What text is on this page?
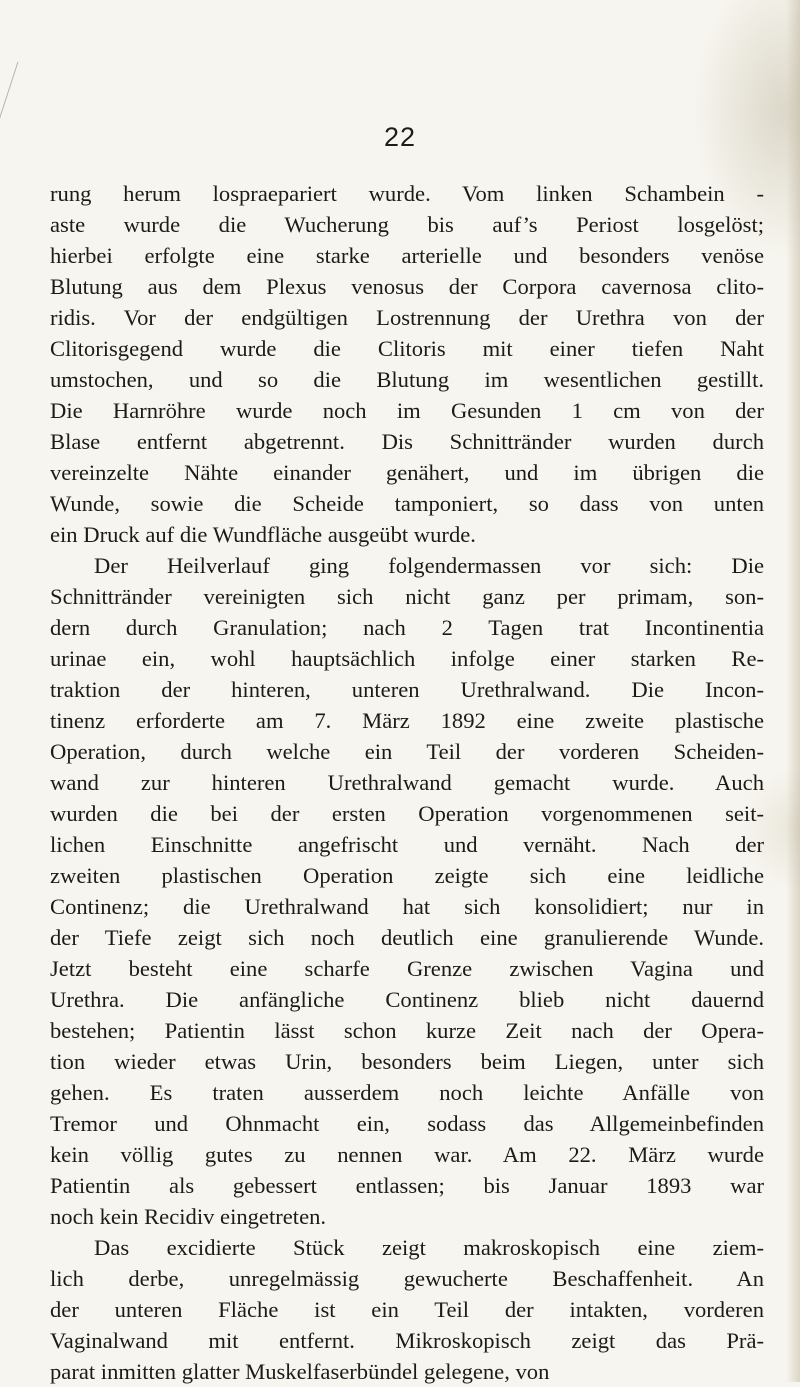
22
rung herum lospraepariert wurde. Vom linken Schambein -
aste wurde die Wucherung bis auf’s Periost losgelöst;
hierbei erfolgte eine starke arterielle und besonders venöse
Blutung aus dem Plexus venosus der Corpora cavernosa clito-
ridis. Vor der endgültigen Lostrennung der Urethra von der
Clitorisgegend wurde die Clitoris mit einer tiefen Naht
umstochen, und so die Blutung im wesentlichen gestillt.
Die Harnröhre wurde noch im Gesunden 1 cm von der
Blase entfernt abgetrennt. Dis Schnittränder wurden durch
vereinzelte Nähte einander genähert, und im übrigen die
Wunde, sowie die Scheide tamponiert, so dass von unten
ein Druck auf die Wundfläche ausgeübt wurde.
Der Heilverlauf ging folgendermassen vor sich: Die
Schnittränder vereinigten sich nicht ganz per primam, son-
dern durch Granulation; nach 2 Tagen trat Incontinentia
urinae ein, wohl hauptsächlich infolge einer starken Re-
traktion der hinteren, unteren Urethralwand. Die Incon-
tinenz erforderte am 7. März 1892 eine zweite plastische
Operation, durch welche ein Teil der vorderen Scheiden-
wand zur hinteren Urethralwand gemacht wurde. Auch
wurden die bei der ersten Operation vorgenommenen seit-
lichen Einschnitte angefrischt und vernäht. Nach der
zweiten plastischen Operation zeigte sich eine leidliche
Continenz; die Urethralwand hat sich konsolidiert; nur in
der Tiefe zeigt sich noch deutlich eine granulierende Wunde.
Jetzt besteht eine scharfe Grenze zwischen Vagina und
Urethra. Die anfängliche Continenz blieb nicht dauernd
bestehen; Patientin lässt schon kurze Zeit nach der Opera-
tion wieder etwas Urin, besonders beim Liegen, unter sich
gehen. Es traten ausserdem noch leichte Anfälle von
Tremor und Ohnmacht ein, sodass das Allgemeinbefinden
kein völlig gutes zu nennen war. Am 22. März wurde
Patientin als gebessert entlassen; bis Januar 1893 war
noch kein Recidiv eingetreten.
Das excidierte Stück zeigt makroskopisch eine ziem-
lich derbe, unregelmässig gewucherte Beschaffenheit. An
der unteren Fläche ist ein Teil der intakten, vorderen
Vaginalwand mit entfernt. Mikroskopisch zeigt das Prä-
parat inmitten glatter Muskelfaserbündel gelegene, von
